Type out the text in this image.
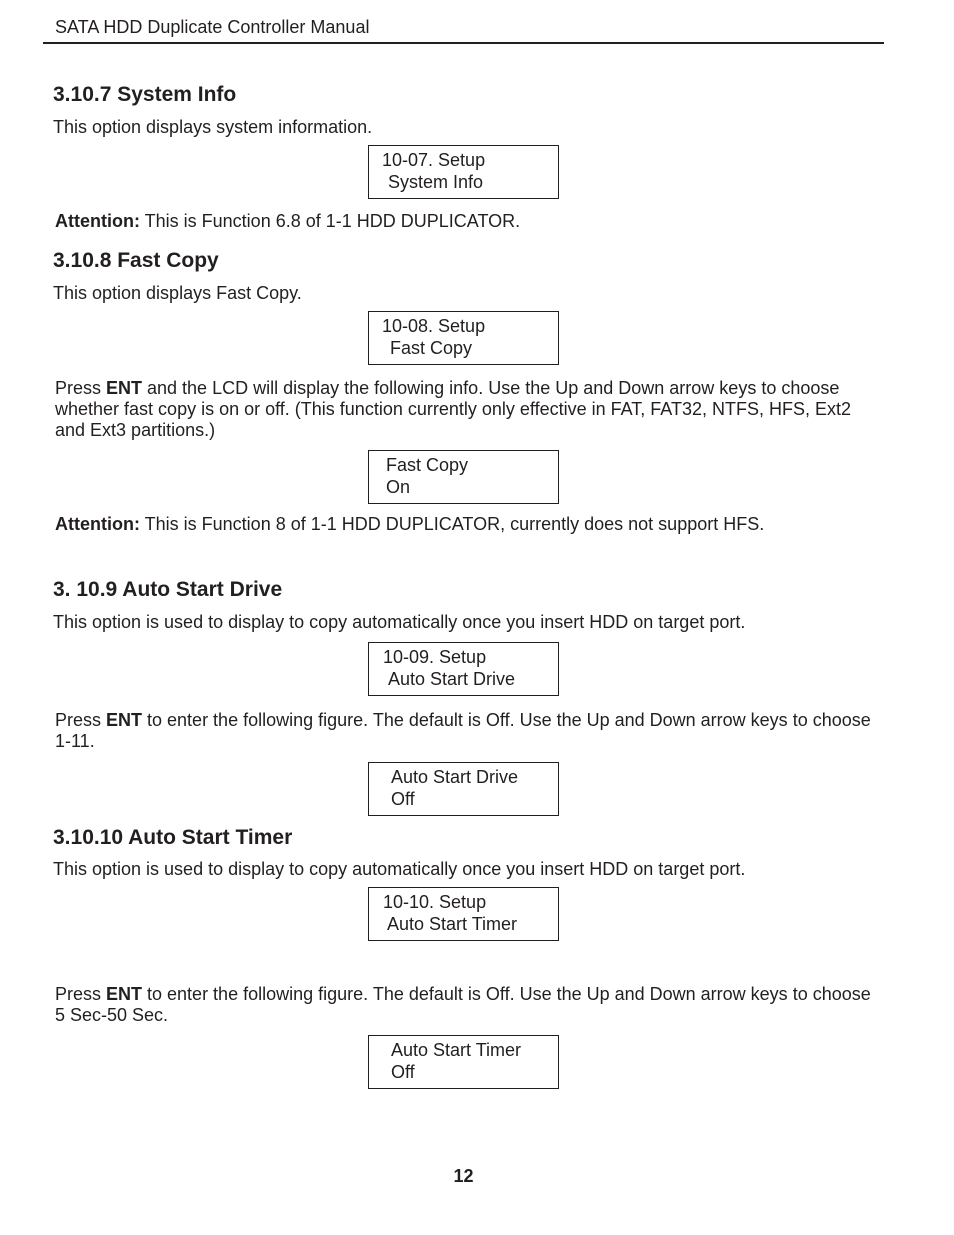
SATA HDD Duplicate Controller Manual
3.10.7 System Info
This option displays system information.
10-07. Setup
System Info
Attention: This is Function 6.8 of 1-1 HDD DUPLICATOR.
3.10.8 Fast Copy
This option displays Fast Copy.
10-08. Setup
Fast Copy
Press ENT and the LCD will display the following info. Use the Up and Down arrow keys to choose whether fast copy is on or off. (This function currently only effective in FAT, FAT32, NTFS, HFS, Ext2 and Ext3 partitions.)
Fast Copy
On
Attention: This is Function 8 of 1-1 HDD DUPLICATOR, currently does not support HFS.
3. 10.9 Auto Start Drive
This option is used to display to copy automatically once you insert HDD on target port.
10-09. Setup
Auto Start Drive
Press ENT to enter the following figure. The default is Off. Use the Up and Down arrow keys to choose 1-11.
Auto Start Drive
Off
3.10.10 Auto Start Timer
This option is used to display to copy automatically once you insert HDD on target port.
10-10. Setup
Auto Start Timer
Press ENT to enter the following figure. The default is Off. Use the Up and Down arrow keys to choose 5 Sec-50 Sec.
Auto Start Timer
Off
12
